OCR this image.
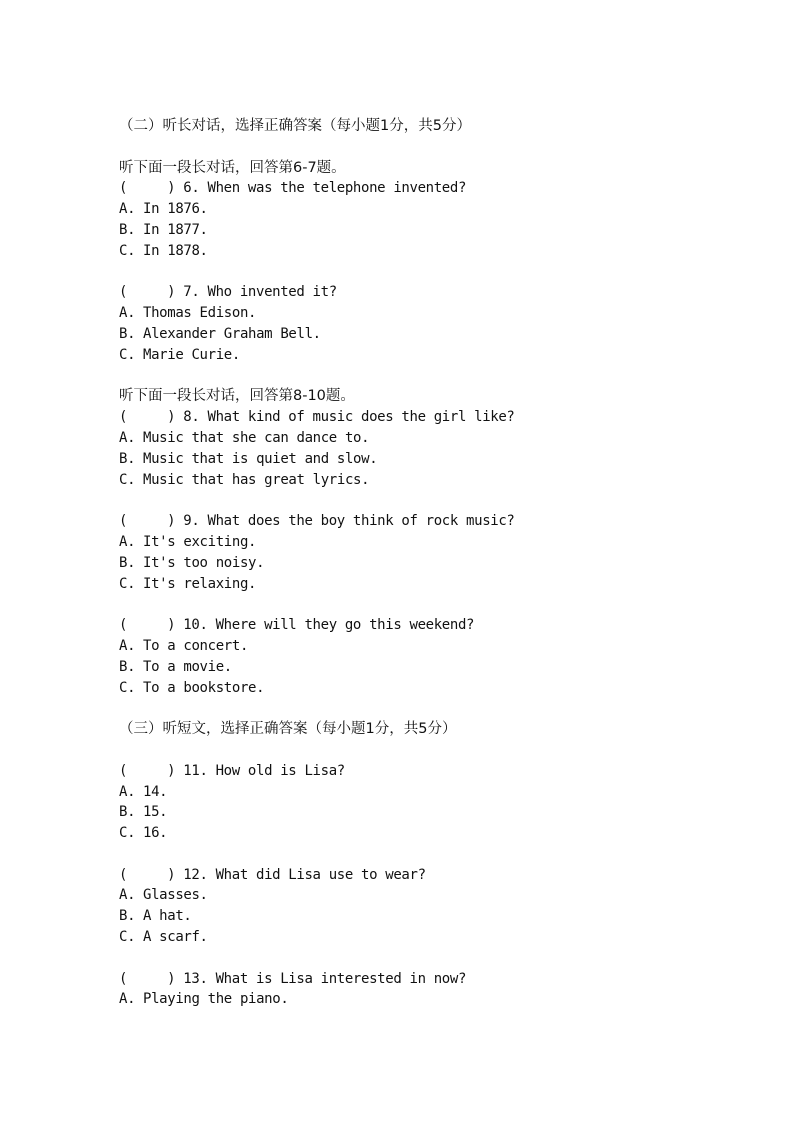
（二）听长对话，选择正确答案（每小题1分，共5分）
听下面一段长对话，回答第6-7题。
(	)
6. When was the telephone invented?
A. In 1876.
B. In 1877.
C. In 1878.
(	)
7. Who invented it?
A. Thomas Edison.
B. Alexander Graham Bell.
C. Marie Curie.
听下面一段长对话，回答第8-10题。
(	)
8. What kind of music does the girl like?
A. Music that she can dance to.
B. Music that is quiet and slow.
C. Music that has great lyrics.
(	)
9. What does the boy think of rock music?
A. It's exciting.
B. It's too noisy.
C. It's relaxing.
(	)
10. Where will they go this weekend?
A. To a concert.
B. To a movie.
C. To a bookstore.
（三）听短文，选择正确答案（每小题1分，共5分）
(	)
11. How old is Lisa?
A. 14.
B. 15.
C. 16.
(	)
12. What did Lisa use to wear?
A. Glasses.
B. A hat.
C. A scarf.
(	)
13. What is Lisa interested in now?
A. Playing the piano.
